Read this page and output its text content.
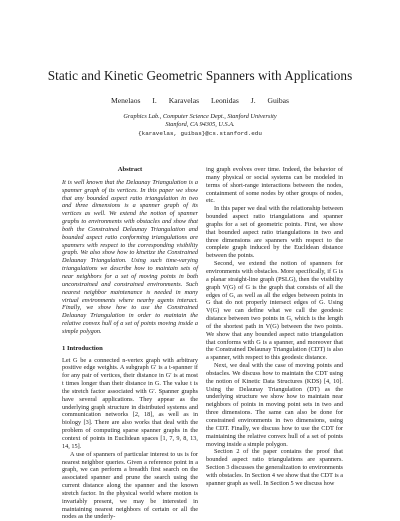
Static and Kinetic Geometric Spanners with Applications
Menelaos I. Karavelas Leonidas J. Guibas
Graphics Lab., Computer Science Dept., Stanford University
Stanford, CA 94305, U.S.A.
{karavelas, guibas}@cs.stanford.edu
Abstract

It is well known that the Delaunay Triangulation is a spanner graph of its vertices. In this paper we show that any bounded aspect ratio triangulation in two and three dimensions is a spanner graph of its vertices as well. We extend the notion of spanner graphs to environments with obstacles and show that both the Constrained Delaunay Triangulation and bounded aspect ratio conforming triangulations are spanners with respect to the corresponding visibility graph. We also show how to kinetize the Constrained Delaunay Triangulation. Using such time-varying triangulations we describe how to maintain sets of near neighbors for a set of moving points in both unconstrained and constrained environments. Such nearest neighbor maintenance is needed in many virtual environments where nearby agents interact. Finally, we show how to use the Constrained Delaunay Triangulation in order to maintain the relative convex hull of a set of points moving inside a simple polygon.

1 Introduction

Let G be a connected n-vertex graph with arbitrary positive edge weights. A subgraph G′ is a t-spanner if for any pair of vertices, their distance in G′ is at most t times longer than their distance in G. The value t is the stretch factor associated with G′. Spanner graphs have several applications. They appear as the underlying graph structure in distributed systems and communication networks [2, 18], as well as in biology [3]. There are also works that deal with the problem of computing sparse spanner graphs in the context of points in Euclidean spaces [1, 7, 9, 8, 13, 14, 15].

A use of spanners of particular interest to us is for nearest neighbor queries. Given a reference point in a graph, we can perform a breadth first search on the associated spanner and prune the search using the current distance along the spanner and the known stretch factor. In the physical world where motion is invariably present, we may be interested in maintaining nearest neighbors of certain or all the nodes as the underly-

ing graph evolves over time. Indeed, the behavior of many physical or social systems can be modeled in terms of short-range interactions between the nodes, containment of some nodes by other groups of nodes, etc.

In this paper we deal with the relationship between bounded aspect ratio triangulations and spanner graphs for a set of geometric points. First, we show that bounded aspect ratio triangulations in two and three dimensions are spanners with respect to the complete graph induced by the Euclidean distance between the points.

Second, we extend the notion of spanners for environments with obstacles. More specifically, if G is a planar straight-line graph (PSLG), then the visibility graph V(G) of G is the graph that consists of all the edges of G, as well as all the edges between points in G that do not properly intersect edges of G. Using V(G) we can define what we call the geodesic distance between two points in G, which is the length of the shortest path in V(G) between the two points. We show that any bounded aspect ratio triangulation that conforms with G is a spanner, and moreover that the Constrained Delaunay Triangulation (CDT) is also a spanner, with respect to this geodesic distance.

Next, we deal with the case of moving points and obstacles. We discuss how to maintain the CDT using the notion of Kinetic Data Structures (KDS) [4, 10]. Using the Delaunay Triangulation (DT) as the underlying structure we show how to maintain near neighbors of points in moving point sets in two and three dimensions. The same can also be done for constrained environments in two dimensions, using the CDT. Finally, we discuss how to use the CDT for maintaining the relative convex hull of a set of points moving inside a simple polygon.

Section 2 of the paper contains the proof that bounded aspect ratio triangulations are spanners. Section 3 discusses the generalization to environments with obstacles. In Section 4 we show that the CDT is a spanner graph as well. In Section 5 we discuss how
